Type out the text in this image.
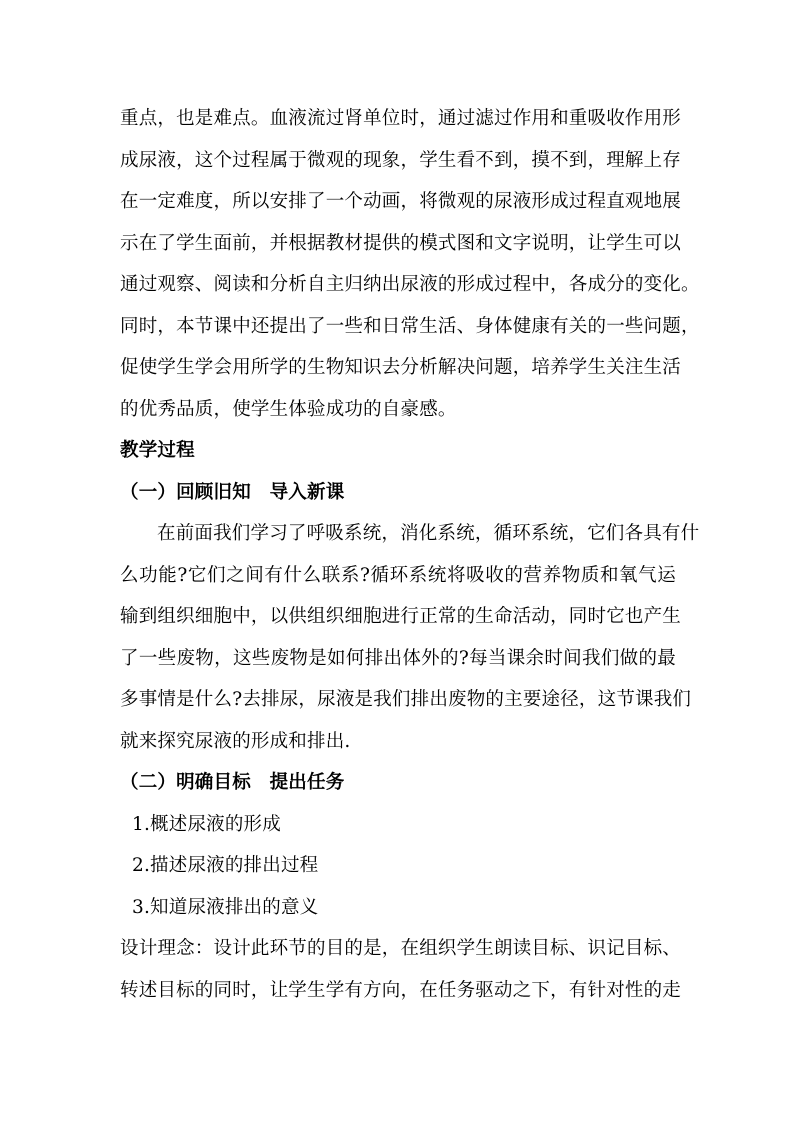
重点，也是难点。血液流过肾单位时，通过滤过作用和重吸收作用形
成尿液，这个过程属于微观的现象，学生看不到，摸不到，理解上存
在一定难度，所以安排了一个动画，将微观的尿液形成过程直观地展
示在了学生面前，并根据教材提供的模式图和文字说明，让学生可以
通过观察、阅读和分析自主归纳出尿液的形成过程中，各成分的变化。
同时，本节课中还提出了一些和日常生活、身体健康有关的一些问题，
促使学生学会用所学的生物知识去分析解决问题，培养学生关注生活
的优秀品质，使学生体验成功的自豪感。
教学过程
（一）回顾旧知　导入新课
在前面我们学习了呼吸系统，消化系统，循环系统，它们各具有什
么功能?它们之间有什么联系?循环系统将吸收的营养物质和氧气运
输到组织细胞中，以供组织细胞进行正常的生命活动，同时它也产生
了一些废物，这些废物是如何排出体外的?每当课余时间我们做的最
多事情是什么?去排尿，尿液是我们排出废物的主要途径，这节课我们
就来探究尿液的形成和排出.
（二）明确目标　提出任务
1.概述尿液的形成
2.描述尿液的排出过程
3.知道尿液排出的意义
设计理念：设计此环节的目的是，在组织学生朗读目标、识记目标、
转述目标的同时，让学生学有方向，在任务驱动之下，有针对性的走
